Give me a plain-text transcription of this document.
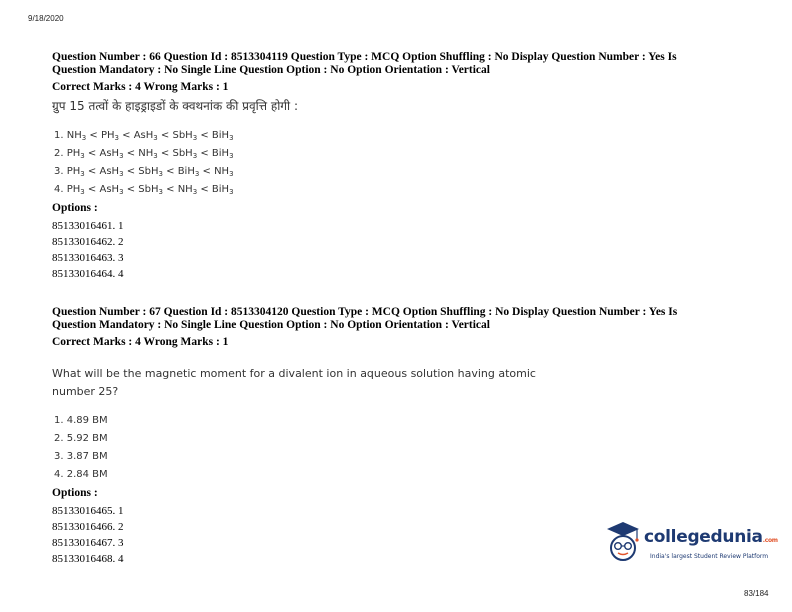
9/18/2020
Question Number : 66 Question Id : 8513304119 Question Type : MCQ Option Shuffling : No Display Question Number : Yes Is
Question Mandatory : No Single Line Question Option : No Option Orientation : Vertical
Correct Marks : 4 Wrong Marks : 1
ग्रुप 15 तत्वों के हाइड्राइडों के क्वथनांक की प्रवृत्ति होगी :
1. $NH_3 < PH_3 < AsH_3 < SbH_3 < BiH_3$
2. $PH_3 < AsH_3 < NH_3 < SbH_3 < BiH_3$
3. $PH_3 < AsH_3 < SbH_3 < BiH_3 < NH_3$
4. $PH_3 < AsH_3 < SbH_3 < NH_3 < BiH_3$
Options :
85133016461. 1
85133016462. 2
85133016463. 3
85133016464. 4
Question Number : 67 Question Id : 8513304120 Question Type : MCQ Option Shuffling : No Display Question Number : Yes Is
Question Mandatory : No Single Line Question Option : No Option Orientation : Vertical
Correct Marks : 4 Wrong Marks : 1
What will be the magnetic moment for a divalent ion in aqueous solution having atomic
number 25?
1. 4.89 BM
2. 5.92 BM
3. 3.87 BM
4. 2.84 BM
Options :
85133016465. 1
85133016466. 2
85133016467. 3
85133016468. 4
collegedunia.com
India's largest Student Review Platform
83/184
